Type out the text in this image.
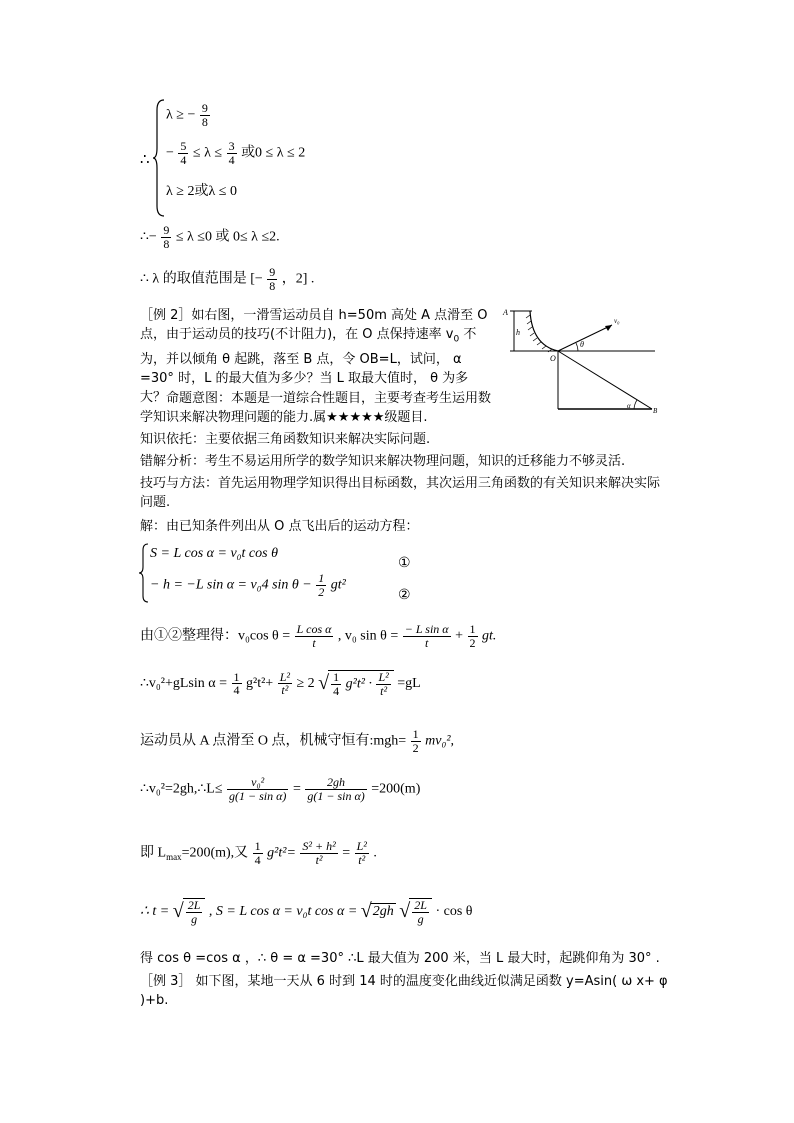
∴
λ ≥ − $\frac{9}{8}$
− $\frac{5}{4} \le \lambda \le \frac{3}{4}$ 或0 ≤ λ ≤ 2
λ ≥ 2或λ ≤ 0
∴− $\frac{9}{8} \le \lambda \le 0$ 或 0≤ λ ≤2.
∴ λ 的取值范围是 [− $\frac{9}{8}$ ，2] .
［例 2］如右图，一滑雪运动员自 h=50m 高处 A 点滑至 O 点，由于运动员的技巧(不计阻力)，在 O 点保持速率 $v_0$ 不为，并以倾角 θ 起跳，落至 B 点，令 OB=L，试问， α =30° 时，L 的最大值为多少？当 L 取最大值时， θ 为多大？
h
A
O
v₀
θ
α
B
命题意图：本题是一道综合性题目，主要考查考生运用数学知识来解决物理问题的能力.属★★★★★级题目.
知识依托：主要依据三角函数知识来解决实际问题.
错解分析：考生不易运用所学的数学知识来解决物理问题，知识的迁移能力不够灵活.
技巧与方法：首先运用物理学知识得出目标函数，其次运用三角函数的有关知识来解决实际问题.
解：由已知条件列出从 O 点飞出后的运动方程：
S = L cos α = v₀t cos θ
− h = −L sin α = v₀4 $\sin \theta - \frac{1}{2} gt^2$
①
②
由①②整理得：v₀cos $\theta = \frac{\text{L cos α}}{t}$ , v₀ $\sin \theta = \frac{\text{− L sin α}}{t} + \frac{1}{2}$ gt.
∴v₀²+gLsin $\alpha = \frac{1}{4} g^2t^2+ \frac{\text{L²}}{\text{t²}} \ge 2$ √ $\frac{1}{4} g^2t^2 \cdot \frac{\text{L²}}{\text{t²}} =gL$
运动员从 A 点滑至 O 点，机械守恒有:mgh= $\frac{1}{2} mv_0^2$,
∴v₀²=2gh,∴L≤ $\frac{\text{v₀²}}{\text{g(1 − sin α)}} = \frac{2gh}{\text{g(1 − sin α)}} =200(m)$
即 $L_{max}=200(m)$,又 $\frac{1}{4} g^2t^2= \frac{\text{S² + h²}}{\text{t²}} = \frac{\text{L²}}{\text{t²}}$ .
∴ t = √ $\frac{2L}{g}$ , S = L cos α = v₀t cos α = √2gh √ $\frac{2L}{g} \cdot \cos \theta$
得 cos θ =cos α ，∴ θ = α =30° ∴L 最大值为 200 米，当 L 最大时，起跳仰角为 30° .
［例 3］ 如下图，某地一天从 6 时到 14 时的温度变化曲线近似满足函数 y=Asin( ω x+ φ )+b.
